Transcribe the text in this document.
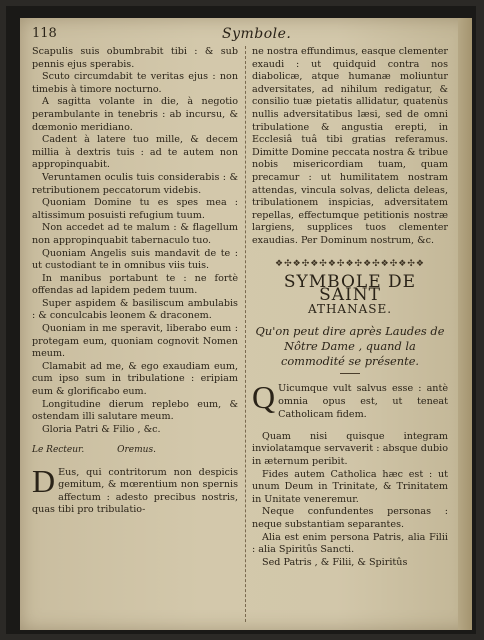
118	Symbole.

Scapulis suis obumbrabit tibi : & sub pennis ejus sperabis.

Scuto circumdabit te veritas ejus : non timebis à timore nocturno.

A sagitta volante in die, à negotio perambulante in tenebris : ab incursu, & dœmonio meridiano.

Cadent à latere tuo mille, & decem millia à dextris tuis : ad te autem non appropinquabit.

Veruntamen oculis tuis considerabis : & retributionem peccatorum videbis.

Quoniam Domine tu es spes mea : altissimum posuisti refugium tuum.

Non accedet ad te malum : & flagellum non appropinquabit tabernaculo tuo.

Quoniam Angelis suis mandavit de te : ut custodiant te in omnibus viis tuis.

In manibus portabunt te : ne fortè offendas ad lapidem pedem tuum.

Super aspidem & basiliscum ambulabis : & conculcabis leonem & draconem.

Quoniam in me speravit, liberabo eum : protegam eum, quoniam cognovit Nomen meum.

Clamabit ad me, & ego exaudiam eum, cum ipso sum in tribulatione : eripiam eum & glorificabo eum.

Longitudine dierum replebo eum, & ostendam illi salutare meum.

Gloria Patri & Filio , &c.

Le Recteur.	Oremus.

D Eus, qui contritorum non despicis gemitum, & mœrentium non spernis affectum : adesto precibus nostris, quas tibi pro tribulatio-

ne nostra effundimus, easque clementer exaudi : ut quidquid contra nos diabolicæ, atque humanæ moliuntur adversitates, ad nihilum redigatur, & consilio tuæ pietatis allidatur, quatenùs nullis adversitatibus læsi, sed de omni tribulatione & angustia erepti, in Ecclesiâ tuâ tibi gratias referamus. Dimitte Domine peccata nostra & tribue nobis misericordiam tuam, quam precamur : ut humilitatem nostram attendas, vincula solvas, delicta deleas, tribulationem inspicias, adversitatem repellas, effectumque petitionis nostræ largiens, supplices tuos clementer exaudias. Per Dominum nostrum, &c.

❖✣❖✣❖✣❖✣❖✣❖✣❖✣❖✣❖
SYMBOLE DE SAINT
ATHANASE.
Qu'on peut dire après Laudes de Nôtre Dame , quand la commodité se présente.

Q Uicumque vult salvus esse : antè omnia opus est, ut teneat Catholicam fidem.

Quam nisi quisque integram inviolatamque servaverit : absque dubio in æternum peribit.

Fides autem Catholica hæc est : ut unum Deum in Trinitate, & Trinitatem in Unitate veneremur.

Neque confundentes personas : neque substantiam separantes.

Alia est enim persona Patris, alia Filii : alia Spiritûs Sancti.

Sed Patris , & Filii, & Spiritûs
